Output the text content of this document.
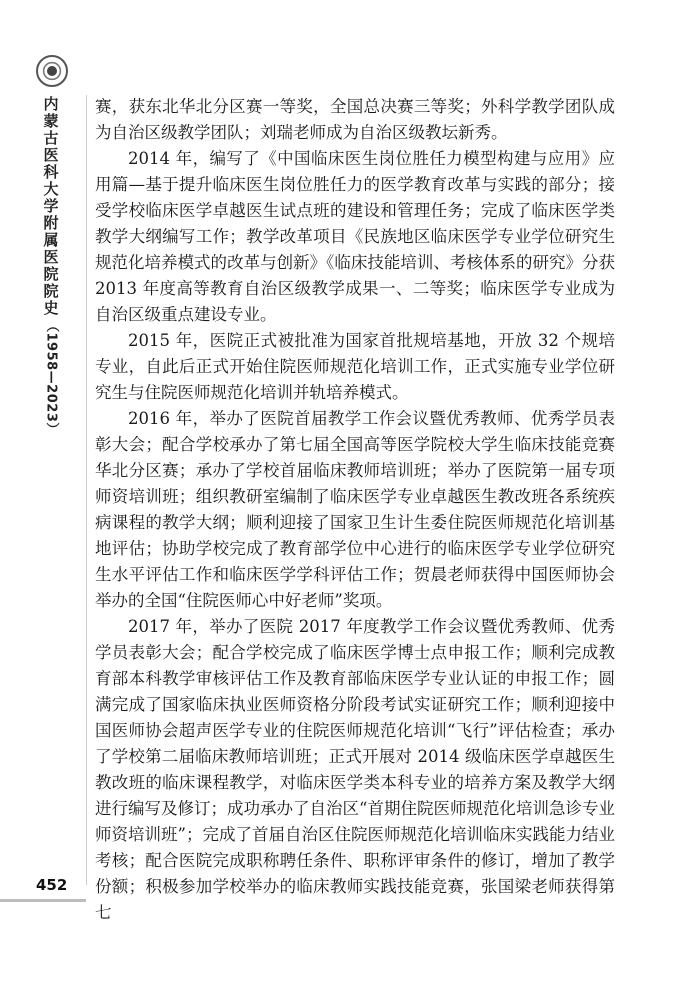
内蒙古医科大学附属医院院史
（1958—2023）
452

赛，获东北华北分区赛一等奖，全国总决赛三等奖；外科学教学团队成为自治区级教学团队；刘瑞老师成为自治区级教坛新秀。

2014 年，编写了《中国临床医生岗位胜任力模型构建与应用》应用篇—基于提升临床医生岗位胜任力的医学教育改革与实践的部分；接受学校临床医学卓越医生试点班的建设和管理任务；完成了临床医学类教学大纲编写工作；教学改革项目《民族地区临床医学专业学位研究生规范化培养模式的改革与创新》《临床技能培训、考核体系的研究》分获 2013 年度高等教育自治区级教学成果一、二等奖；临床医学专业成为自治区级重点建设专业。

2015 年，医院正式被批准为国家首批规培基地，开放 32 个规培专业，自此后正式开始住院医师规范化培训工作，正式实施专业学位研究生与住院医师规范化培训并轨培养模式。

2016 年，举办了医院首届教学工作会议暨优秀教师、优秀学员表彰大会；配合学校承办了第七届全国高等医学院校大学生临床技能竞赛华北分区赛；承办了学校首届临床教师培训班；举办了医院第一届专项师资培训班；组织教研室编制了临床医学专业卓越医生教改班各系统疾病课程的教学大纲；顺利迎接了国家卫生计生委住院医师规范化培训基地评估；协助学校完成了教育部学位中心进行的临床医学专业学位研究生水平评估工作和临床医学学科评估工作；贺晨老师获得中国医师协会举办的全国“住院医师心中好老师”奖项。

2017 年，举办了医院 2017 年度教学工作会议暨优秀教师、优秀学员表彰大会；配合学校完成了临床医学博士点申报工作；顺利完成教育部本科教学审核评估工作及教育部临床医学专业认证的申报工作；圆满完成了国家临床执业医师资格分阶段考试实证研究工作；顺利迎接中国医师协会超声医学专业的住院医师规范化培训“飞行”评估检查；承办了学校第二届临床教师培训班；正式开展对 2014 级临床医学卓越医生教改班的临床课程教学，对临床医学类本科专业的培养方案及教学大纲进行编写及修订；成功承办了自治区“首期住院医师规范化培训急诊专业师资培训班”；完成了首届自治区住院医师规范化培训临床实践能力结业考核；配合医院完成职称聘任条件、职称评审条件的修订，增加了教学份额；积极参加学校举办的临床教师实践技能竞赛，张国梁老师获得第七
